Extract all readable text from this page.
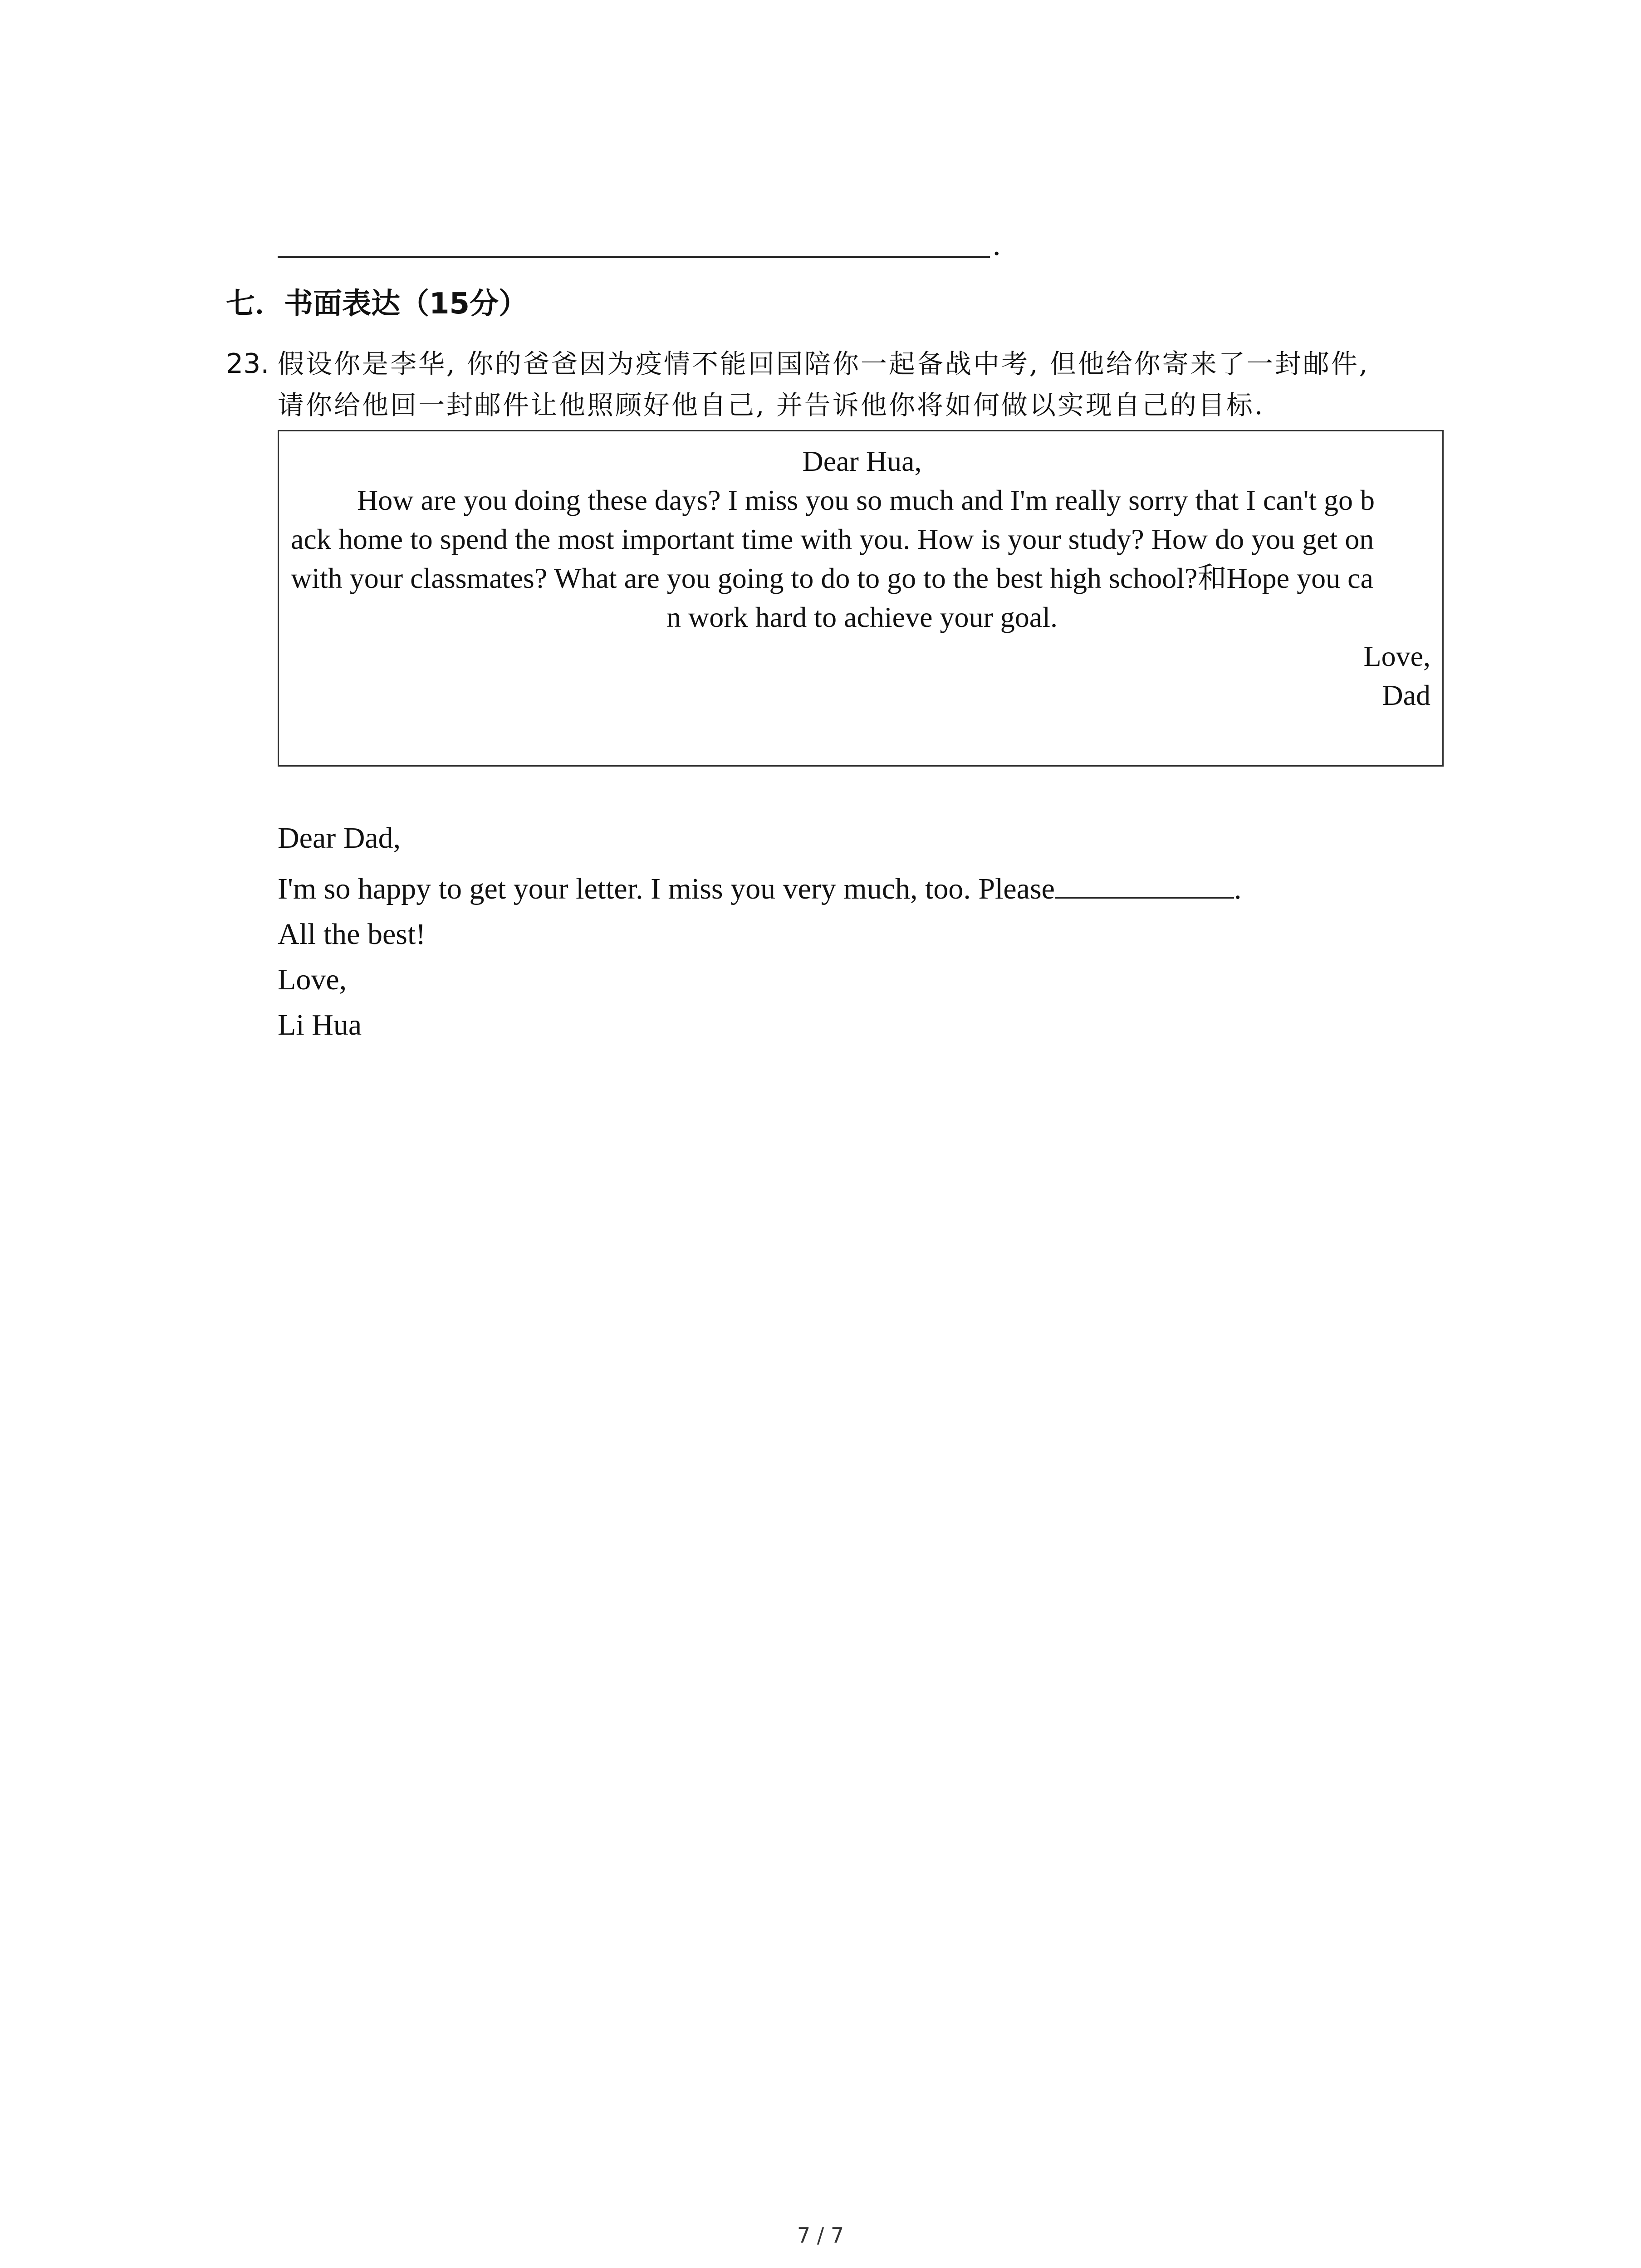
.
七．书面表达（15分）
23. 假设你是李华, 你的爸爸因为疫情不能回国陪你一起备战中考, 但他给你寄来了一封邮件,
请你给他回一封邮件让他照顾好他自己, 并告诉他你将如何做以实现自己的目标.
Dear Hua,
How are you doing these days? I miss you so much and I'm really sorry that I can't go b
ack home to spend the most important time with you. How is your study? How do you get on
with your classmates? What are you going to do to go to the best high school?和Hope you ca
n work hard to achieve your goal.
Love,
Dad
Dear Dad,
I'm so happy to get your letter. I miss you very much, too. Please	.
All the best!
Love,
Li Hua
7 / 7
